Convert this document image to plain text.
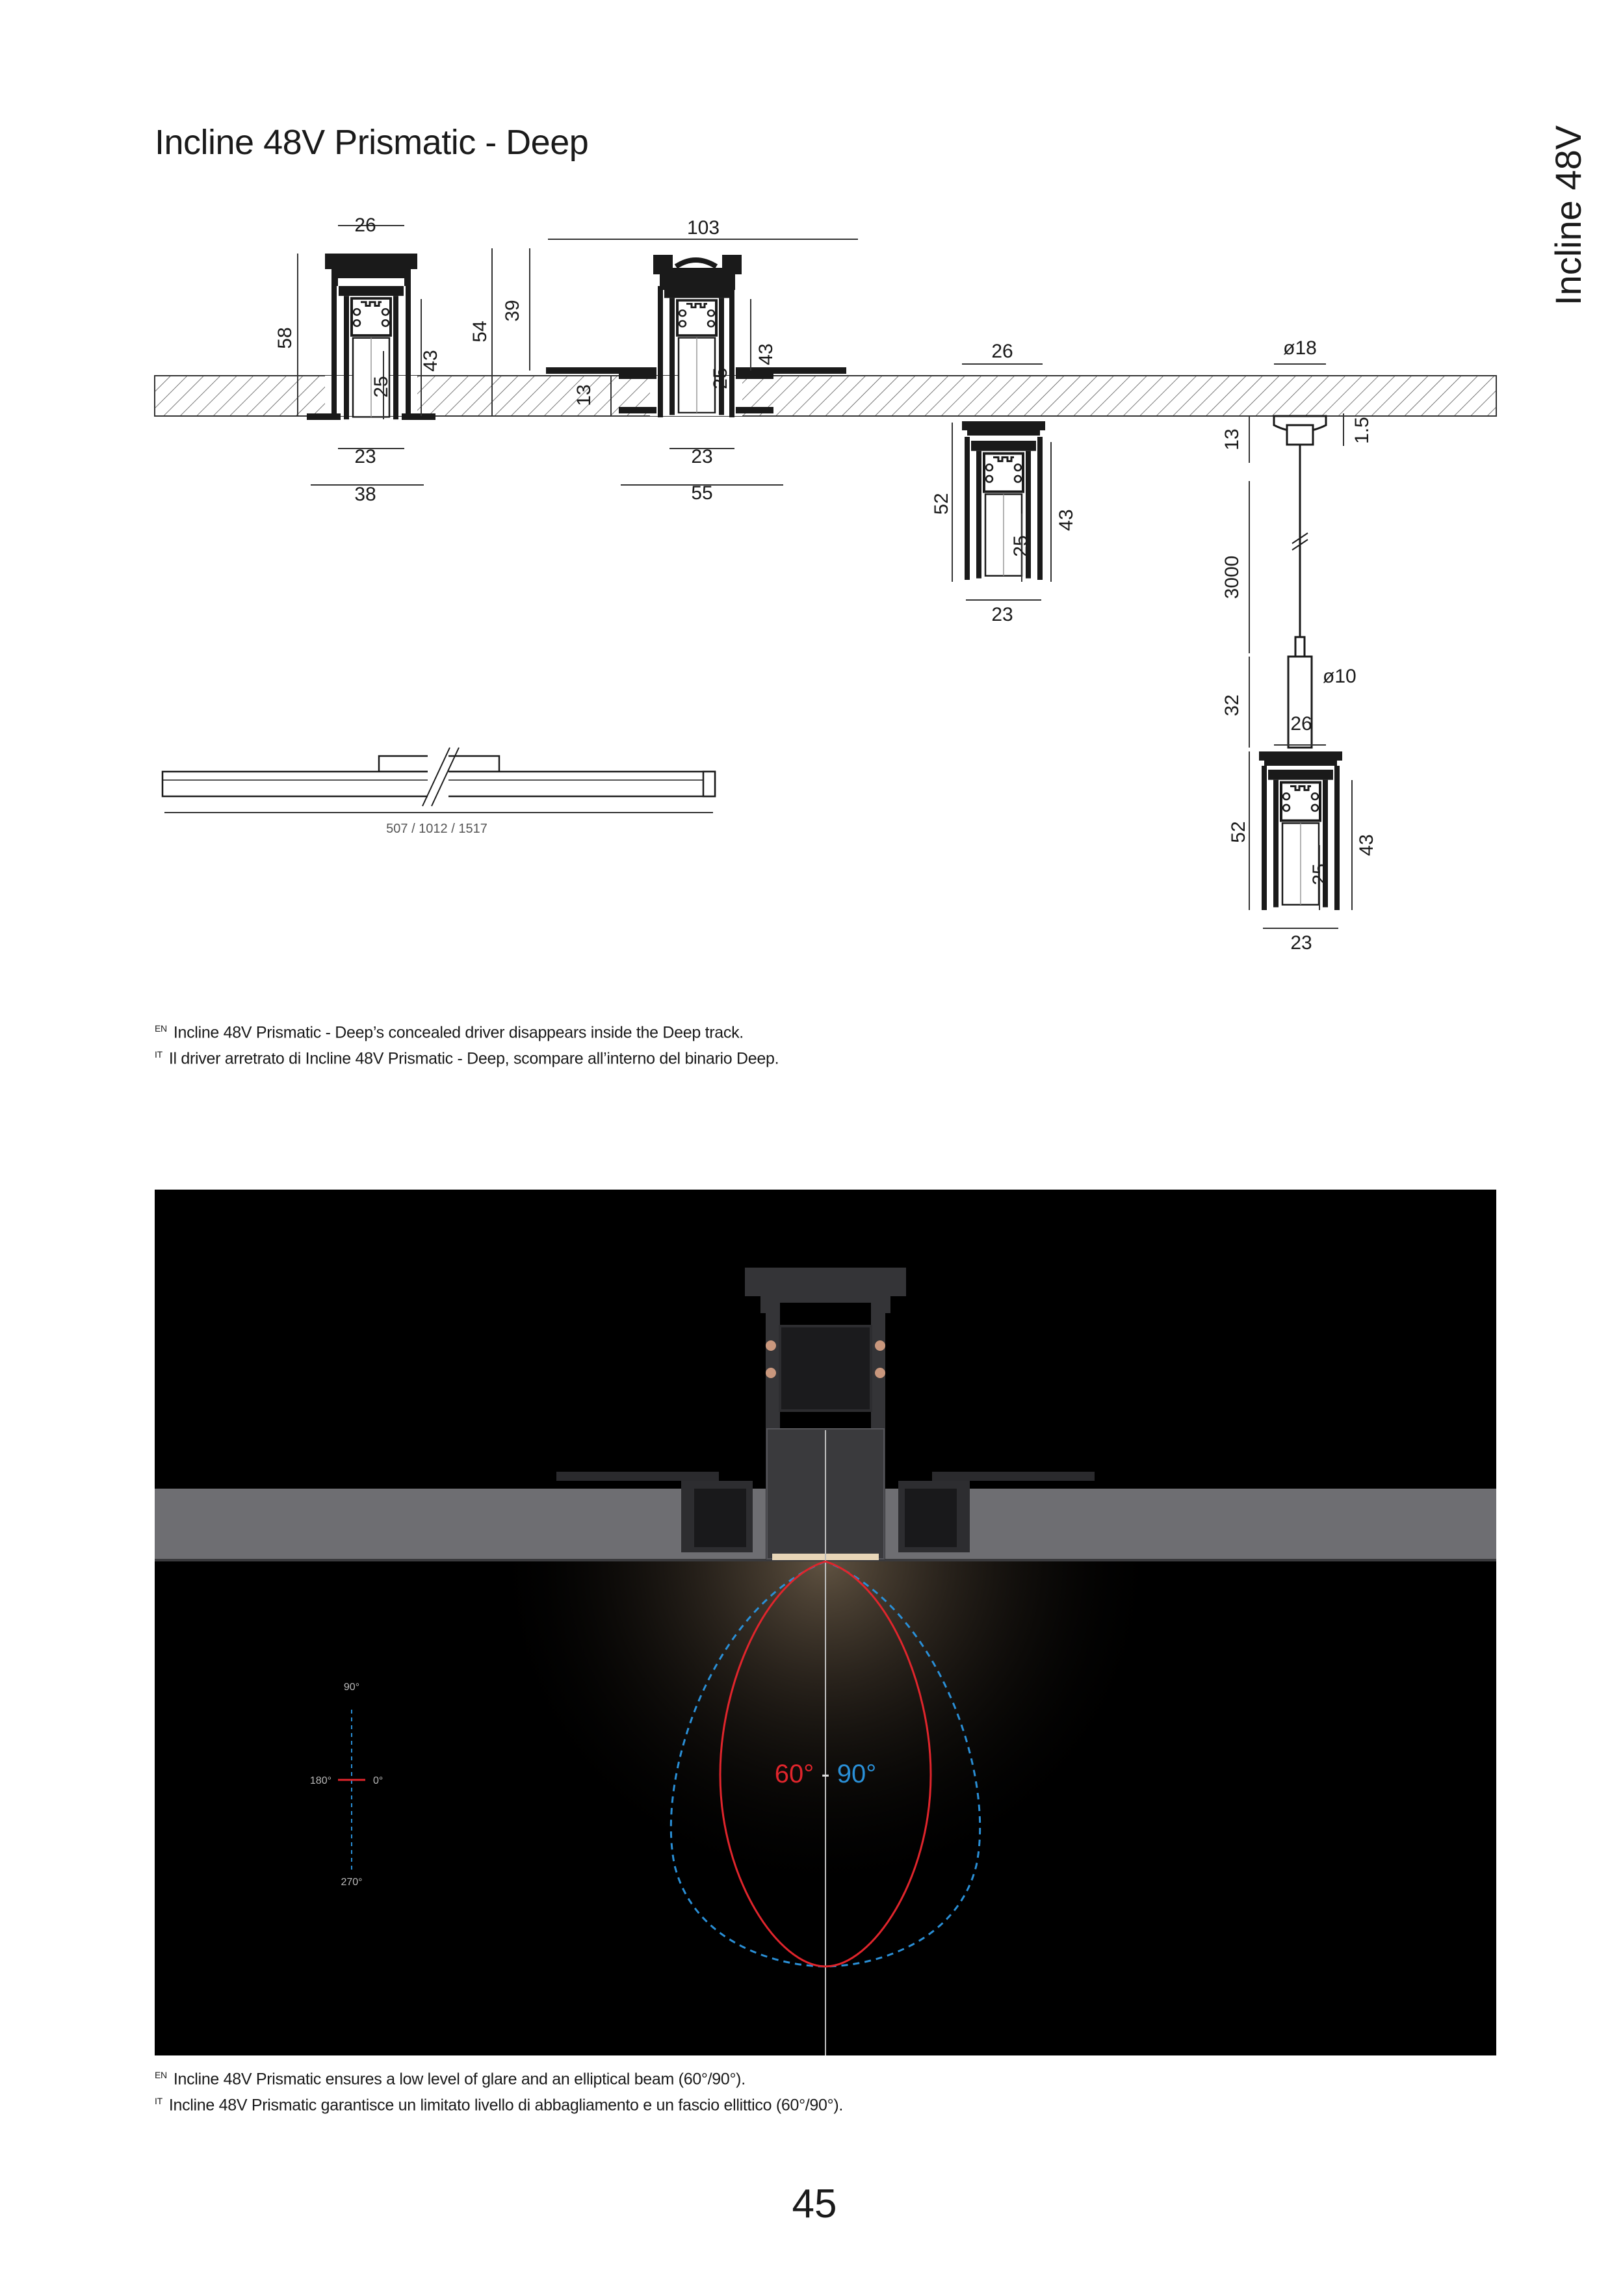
Incline 48V Prismatic - Deep	Incline 48V
26
58
43
25
23
38
103
54
39
43
25
13
23
55
26
52
43
25
23
ø18
1.5
13
3000
32
ø10
26
52
43
25
23
507 / 1012 / 1517
$^{EN}$ Incline 48V Prismatic - Deep’s concealed driver disappears inside the Deep track.
$^{IT}$ Il driver arretrato di Incline 48V Prismatic - Deep, scompare all’interno del binario Deep.
90°
180°	0°
270°
60° - 90°
$^{EN}$ Incline 48V Prismatic ensures a low level of glare and an elliptical beam (60°/90°).
$^{IT}$ Incline 48V Prismatic garantisce un limitato livello di abbagliamento e un fascio ellittico (60°/90°).
45
